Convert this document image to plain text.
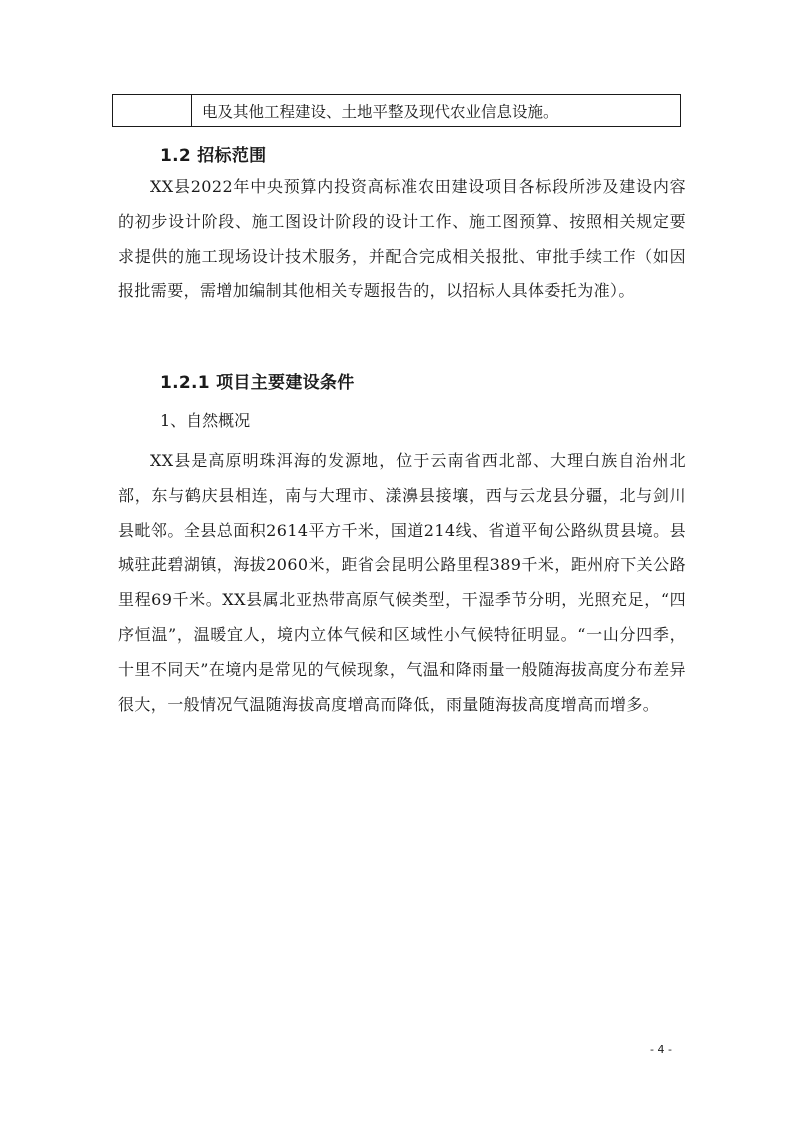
	电及其他工程建设、土地平整及现代农业信息设施。
1.2 招标范围

XX县2022年中央预算内投资高标准农田建设项目各标段所涉及建设内容的初步设计阶段、施工图设计阶段的设计工作、施工图预算、按照相关规定要求提供的施工现场设计技术服务，并配合完成相关报批、审批手续工作（如因报批需要，需增加编制其他相关专题报告的，以招标人具体委托为准）。

1.2.1 项目主要建设条件
1、自然概况

XX县是高原明珠洱海的发源地，位于云南省西北部、大理白族自治州北部，东与鹤庆县相连，南与大理市、漾濞县接壤，西与云龙县分疆，北与剑川县毗邻。全县总面积2614平方千米，国道214线、省道平甸公路纵贯县境。县城驻茈碧湖镇，海拔2060米，距省会昆明公路里程389千米，距州府下关公路里程69千米。XX县属北亚热带高原气候类型，干湿季节分明，光照充足，“四序恒温”，温暖宜人，境内立体气候和区域性小气候特征明显。“一山分四季，十里不同天”在境内是常见的气候现象，气温和降雨量一般随海拔高度分布差异很大，一般情况气温随海拔高度增高而降低，雨量随海拔高度增高而增多。

- 4 -
